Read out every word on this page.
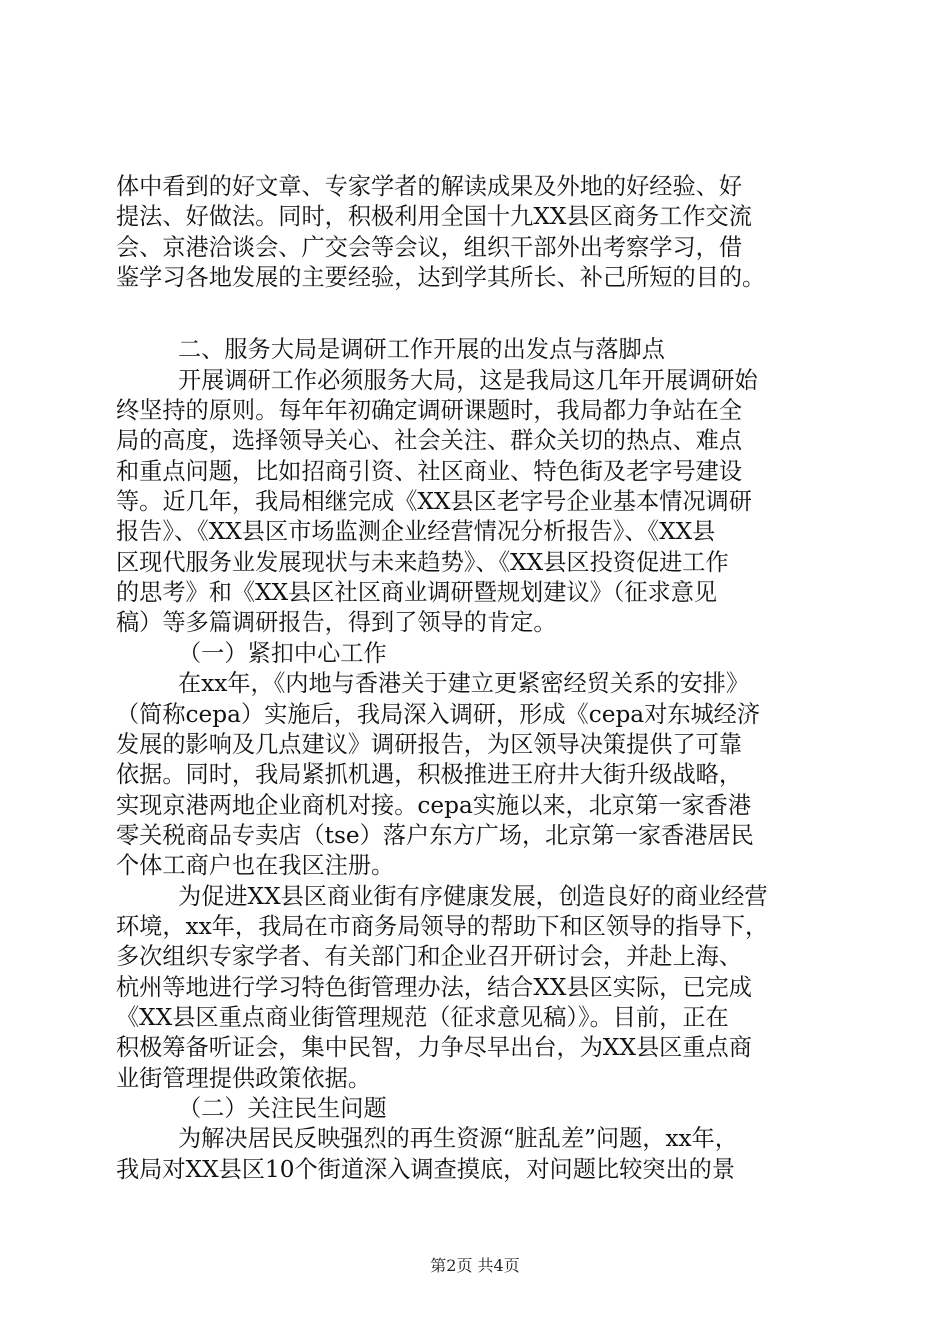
体中看到的好文章、专家学者的解读成果及外地的好经验、好
提法、好做法。同时，积极利用全国十九XX县区商务工作交流
会、京港洽谈会、广交会等会议，组织干部外出考察学习，借
鉴学习各地发展的主要经验，达到学其所长、补己所短的目的。
二、服务大局是调研工作开展的出发点与落脚点
开展调研工作必须服务大局，这是我局这几年开展调研始
终坚持的原则。每年年初确定调研课题时，我局都力争站在全
局的高度，选择领导关心、社会关注、群众关切的热点、难点
和重点问题，比如招商引资、社区商业、特色街及老字号建设
等。近几年，我局相继完成《XX县区老字号企业基本情况调研
报告》、《XX县区市场监测企业经营情况分析报告》、《XX县
区现代服务业发展现状与未来趋势》、《XX县区投资促进工作
的思考》和《XX县区社区商业调研暨规划建议》（征求意见
稿）等多篇调研报告，得到了领导的肯定。
（一）紧扣中心工作
在xx年，《内地与香港关于建立更紧密经贸关系的安排》
（简称cepa）实施后，我局深入调研，形成《cepa对东城经济
发展的影响及几点建议》调研报告，为区领导决策提供了可靠
依据。同时，我局紧抓机遇，积极推进王府井大街升级战略，
实现京港两地企业商机对接。cepa实施以来，北京第一家香港
零关税商品专卖店（tse）落户东方广场，北京第一家香港居民
个体工商户也在我区注册。
为促进XX县区商业街有序健康发展，创造良好的商业经营
环境，xx年，我局在市商务局领导的帮助下和区领导的指导下，
多次组织专家学者、有关部门和企业召开研讨会，并赴上海、
杭州等地进行学习特色街管理办法，结合XX县区实际，已完成
《XX县区重点商业街管理规范（征求意见稿）》。目前，正在
积极筹备听证会，集中民智，力争尽早出台，为XX县区重点商
业街管理提供政策依据。
（二）关注民生问题
为解决居民反映强烈的再生资源“脏乱差”问题，xx年，
我局对XX县区10个街道深入调查摸底，对问题比较突出的景
第2页 共4页
